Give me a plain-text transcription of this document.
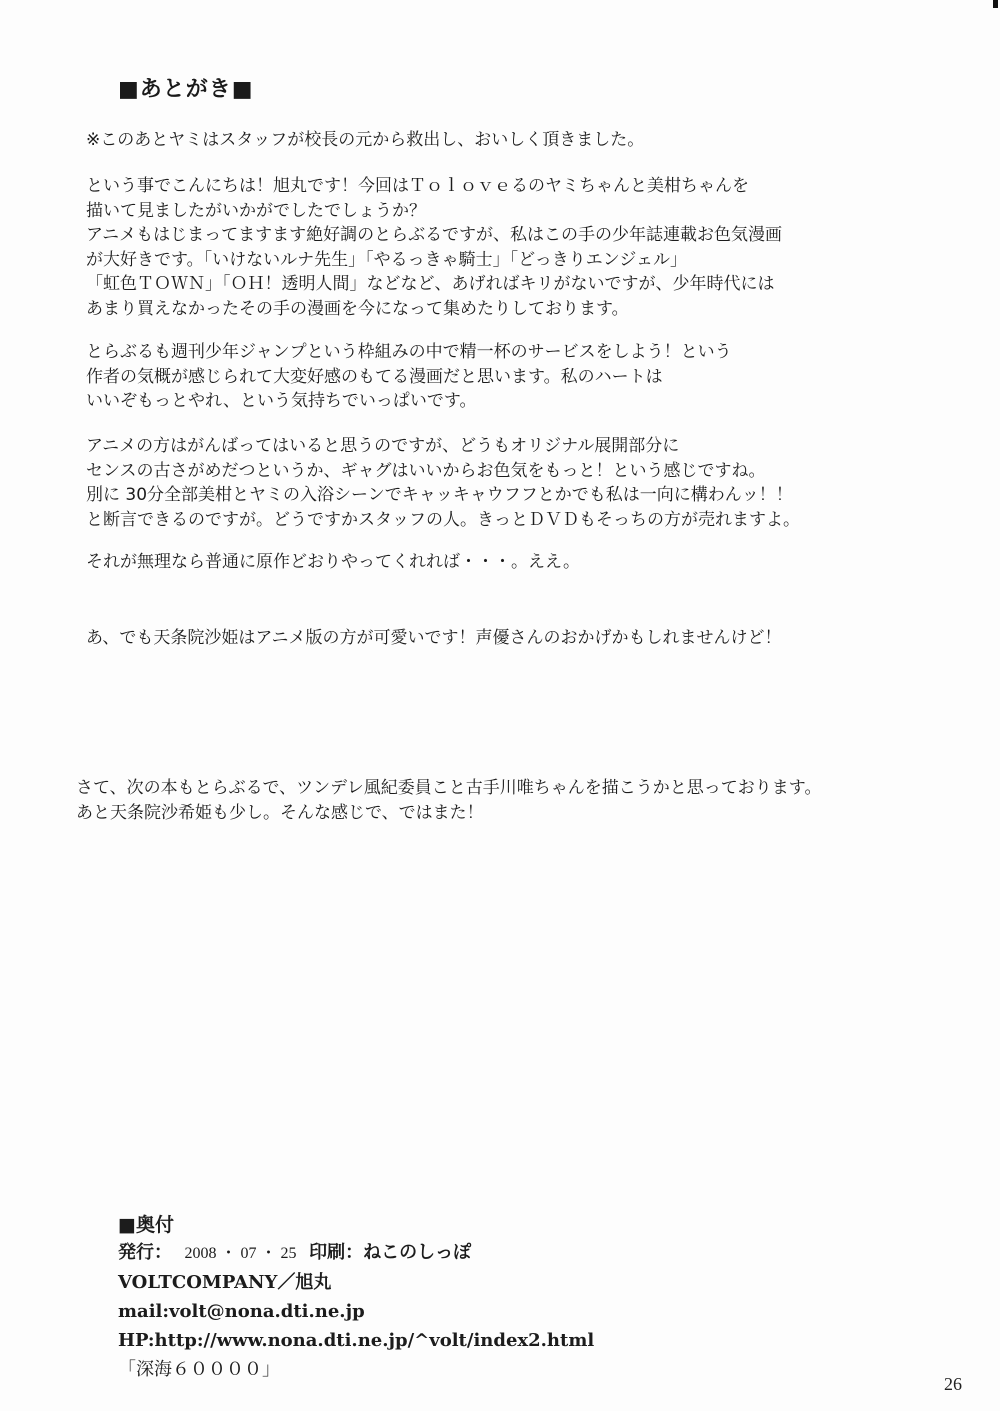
■あとがき■
※このあとヤミはスタッフが校長の元から救出し、おいしく頂きました。
という事でこんにちは！旭丸です！今回はＴｏｌｏｖｅるのヤミちゃんと美柑ちゃんを
描いて見ましたがいかがでしたでしょうか？
アニメもはじまってますます絶好調のとらぶるですが、私はこの手の少年誌連載お色気漫画
が大好きです。「いけないルナ先生」「やるっきゃ騎士」「どっきりエンジェル」
「虹色ＴＯＷＮ」「ＯＨ！透明人間」などなど、あげればキリがないですが、少年時代には
あまり買えなかったその手の漫画を今になって集めたりしております。
とらぶるも週刊少年ジャンプという枠組みの中で精一杯のサービスをしよう！という
作者の気概が感じられて大変好感のもてる漫画だと思います。私のハートは
いいぞもっとやれ、という気持ちでいっぱいです。
アニメの方はがんばってはいると思うのですが、どうもオリジナル展開部分に
センスの古さがめだつというか、ギャグはいいからお色気をもっと！という感じですね。
別に 30分全部美柑とヤミの入浴シーンでキャッキャウフフとかでも私は一向に構わんッ！！
と断言できるのですが。どうですかスタッフの人。きっとＤＶＤもそっちの方が売れますよ。
それが無理なら普通に原作どおりやってくれれば・・・。ええ。
あ、でも天条院沙姫はアニメ版の方が可愛いです！声優さんのおかげかもしれませんけど！
さて、次の本もとらぶるで、ツンデレ風紀委員こと古手川唯ちゃんを描こうかと思っております。
あと天条院沙希姫も少し。そんな感じで、ではまた！
■奥付
発行： 2008 ・ 07 ・ 25 印刷：ねこのしっぽ
VOLTCOMPANY／旭丸
mail:volt@nona.dti.ne.jp
HP:http://www.nona.dti.ne.jp/^volt/index2.html
「深海６００００」
26
